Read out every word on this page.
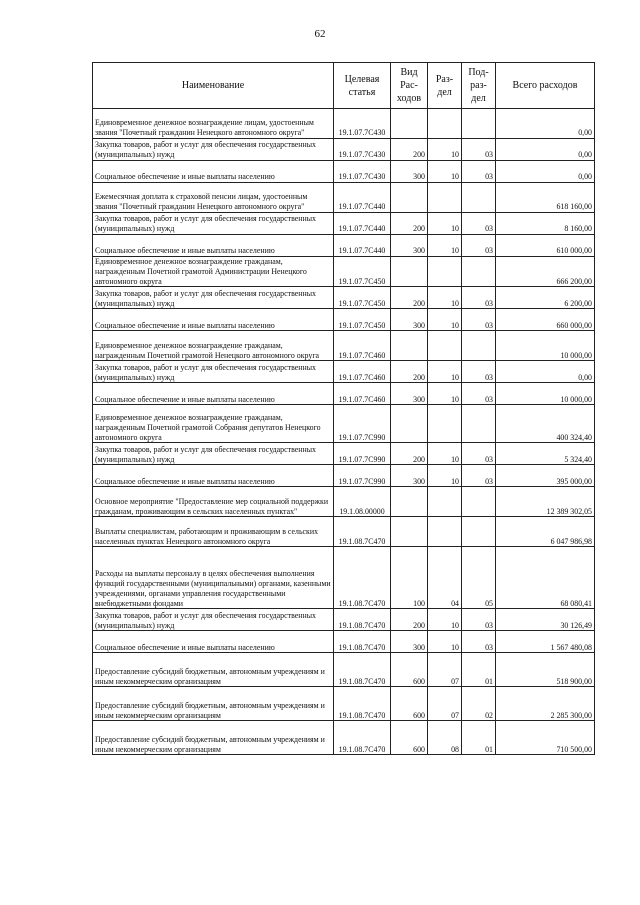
62
Наименование	Целевая статья	Вид Рас-ходов	Раз-дел	Под-раз-дел	Всего расходов
Единовременное денежное вознаграждение лицам, удостоенным звания "Почетный гражданин Ненецкого автономного округа"	19.1.07.7С430				0,00
Закупка товаров, работ и услуг для обеспечения государственных (муниципальных) нужд	19.1.07.7С430	200	10	03	0,00
Социальное обеспечение и иные выплаты населению	19.1.07.7С430	300	10	03	0,00
Ежемесячная доплата к страховой пенсии лицам, удостоенным звания "Почетный гражданин Ненецкого автономного округа"	19.1.07.7С440				618 160,00
Закупка товаров, работ и услуг для обеспечения государственных (муниципальных) нужд	19.1.07.7С440	200	10	03	8 160,00
Социальное обеспечение и иные выплаты населению	19.1.07.7С440	300	10	03	610 000,00
Единовременное денежное вознаграждение гражданам, награжденным Почетной грамотой Администрации Ненецкого автономного округа	19.1.07.7С450				666 200,00
Закупка товаров, работ и услуг для обеспечения государственных (муниципальных) нужд	19.1.07.7С450	200	10	03	6 200,00
Социальное обеспечение и иные выплаты населению	19.1.07.7С450	300	10	03	660 000,00
Единовременное денежное вознаграждение гражданам, награжденным Почетной грамотой Ненецкого автономного округа	19.1.07.7С460				10 000,00
Закупка товаров, работ и услуг для обеспечения государственных (муниципальных) нужд	19.1.07.7С460	200	10	03	0,00
Социальное обеспечение и иные выплаты населению	19.1.07.7С460	300	10	03	10 000,00
Единовременное денежное вознаграждение гражданам, награжденным Почетной грамотой Собрания депутатов Ненецкого автономного округа	19.1.07.7С990				400 324,40
Закупка товаров, работ и услуг для обеспечения государственных (муниципальных) нужд	19.1.07.7С990	200	10	03	5 324,40
Социальное обеспечение и иные выплаты населению	19.1.07.7С990	300	10	03	395 000,00
Основное мероприятие "Предоставление мер социальной поддержки гражданам, проживающим в сельских населенных пунктах"	19.1.08.00000				12 389 302,05
Выплаты специалистам, работающим и проживающим в сельских населенных пунктах Ненецкого автономного округа	19.1.08.7С470				6 047 986,98
Расходы на выплаты персоналу в целях обеспечения выполнения функций государственными (муниципальными) органами, казенными учреждениями, органами управления государственными внебюджетными фондами	19.1.08.7С470	100	04	05	68 080,41
Закупка товаров, работ и услуг для обеспечения государственных (муниципальных) нужд	19.1.08.7С470	200	10	03	30 126,49
Социальное обеспечение и иные выплаты населению	19.1.08.7С470	300	10	03	1 567 480,08
Предоставление субсидий бюджетным, автономным учреждениям и иным некоммерческим организациям	19.1.08.7С470	600	07	01	518 900,00
Предоставление субсидий бюджетным, автономным учреждениям и иным некоммерческим организациям	19.1.08.7С470	600	07	02	2 285 300,00
Предоставление субсидий бюджетным, автономным учреждениям и иным некоммерческим организациям	19.1.08.7С470	600	08	01	710 500,00
